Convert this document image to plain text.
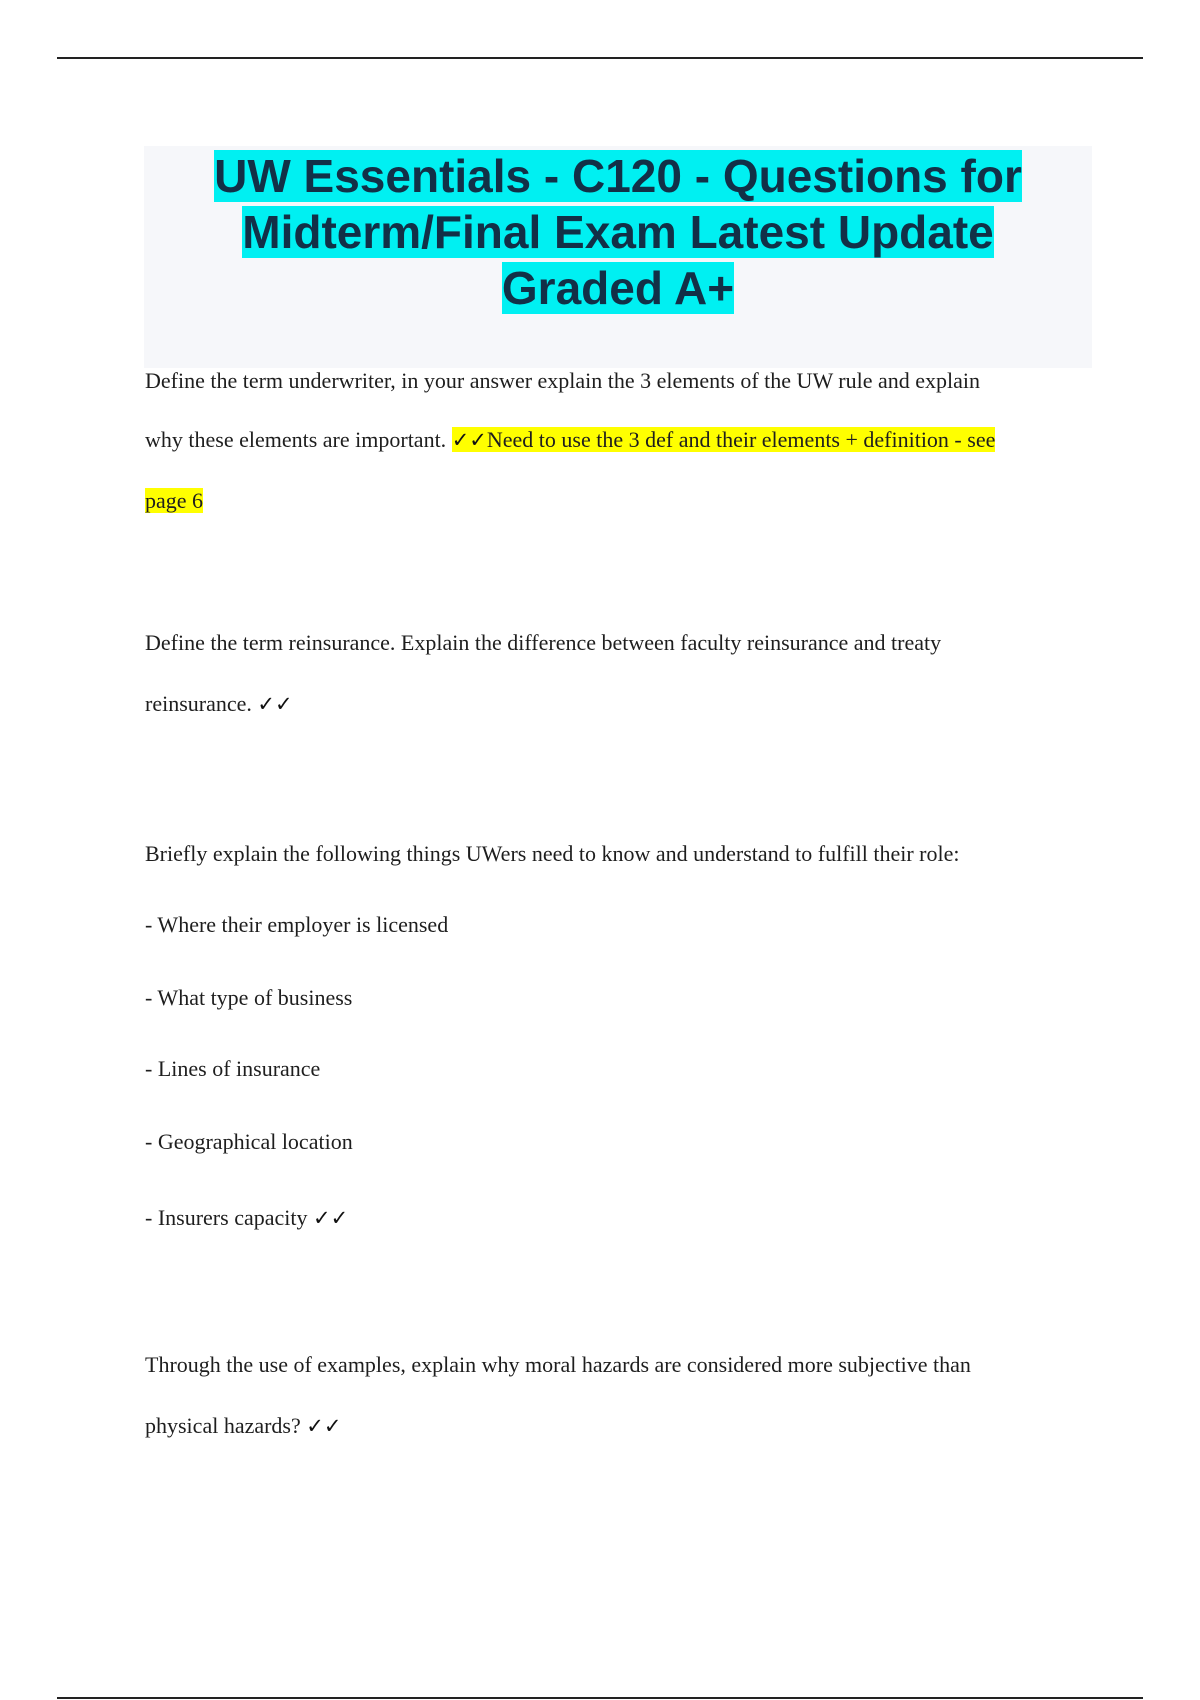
UW Essentials - C120 - Questions for Midterm/Final Exam Latest Update Graded A+
Define the term underwriter, in your answer explain the 3 elements of the UW rule and explain
why these elements are important. ✓✓Need to use the 3 def and their elements + definition - see
page 6
Define the term reinsurance. Explain the difference between faculty reinsurance and treaty
reinsurance. ✓✓
Briefly explain the following things UWers need to know and understand to fulfill their role:
- Where their employer is licensed
- What type of business
- Lines of insurance
- Geographical location
- Insurers capacity ✓✓
Through the use of examples, explain why moral hazards are considered more subjective than
physical hazards? ✓✓
